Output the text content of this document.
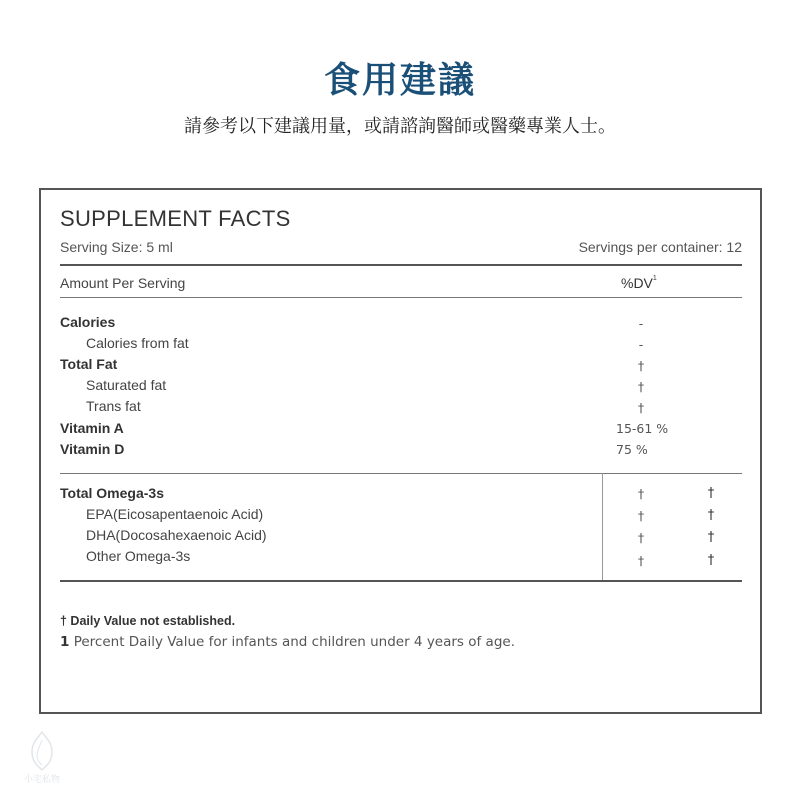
食用建議
請參考以下建議用量，或請諮詢醫師或醫藥專業人士。
SUPPLEMENT FACTS
Serving Size: 5 ml	Servings per container: 12
Amount Per Serving	$\%DV^1$
Calories	-
Calories from fat	-
Total Fat	†
Saturated fat	†
Trans fat	†
Vitamin A	15-61 %
Vitamin D	75 %
Total Omega-3s	†	†
EPA(Eicosapentaenoic Acid)	†	†
DHA(Docosahexaenoic Acid)	†	†
Other Omega-3s	†	†
† Daily Value not established.
1 Percent Daily Value for infants and children under 4 years of age.
小宅私物
